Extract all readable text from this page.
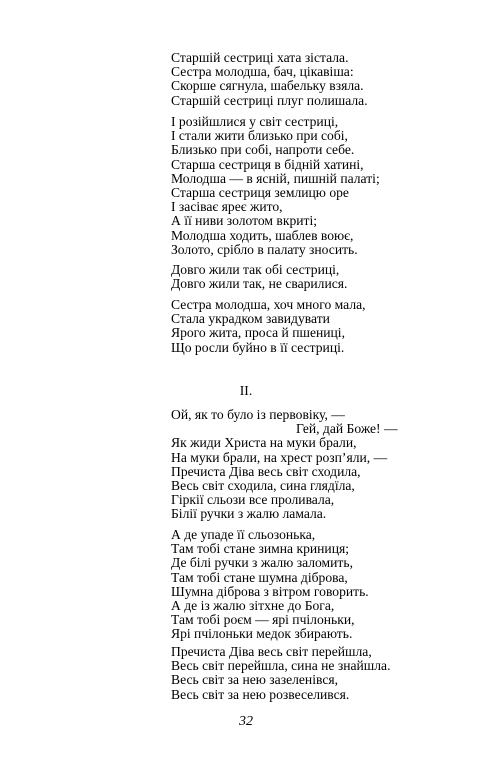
Старшій сестриці хата зістала.
Сестра молодша, бач, цікавіша:
Скорше сягнула, шабельку взяла.
Старшій сестриці плуг полишала.
І розійшлися у світ сестриці,
І стали жити близько при собі,
Близько при собі, напроти себе.
Старша сестриця в бідній хатині,
Молодша — в ясній, пишній палаті;
Старша сестриця землицю оре
І засіває яреє жито,
А її ниви золотом вкриті;
Молодша ходить, шаблев воює,
Золото, срібло в палату зносить.
Довго жили так обі сестриці,
Довго жили так, не сварилися.
Сестра молодша, хоч много мала,
Стала украдком завидувати
Ярого жита, проса й пшениці,
Що росли буйно в її сестриці.
II.
Ой, як то було із первовіку, —
Гей, дай Боже! —
Як жиди Христа на муки брали,
На муки брали, на хрест розп’яли, —
Пречиста Діва весь світ сходила,
Весь світ сходила, сина глядїла,
Гіркії сльози все проливала,
Білії ручки з жалю ламала.
А де упаде її сльозонька,
Там тобі стане зимна криниця;
Де білі ручки з жалю заломить,
Там тобі стане шумна діброва,
Шумна діброва з вітром говорить.
А де із жалю зітхне до Бога,
Там тобі роєм — ярі пчілоньки,
Ярі пчілоньки медок збирають.
Пречиста Діва весь світ перейшла,
Весь світ перейшла, сина не знайшла.
Весь світ за нею зазеленівся,
Весь світ за нею розвеселився.
32
